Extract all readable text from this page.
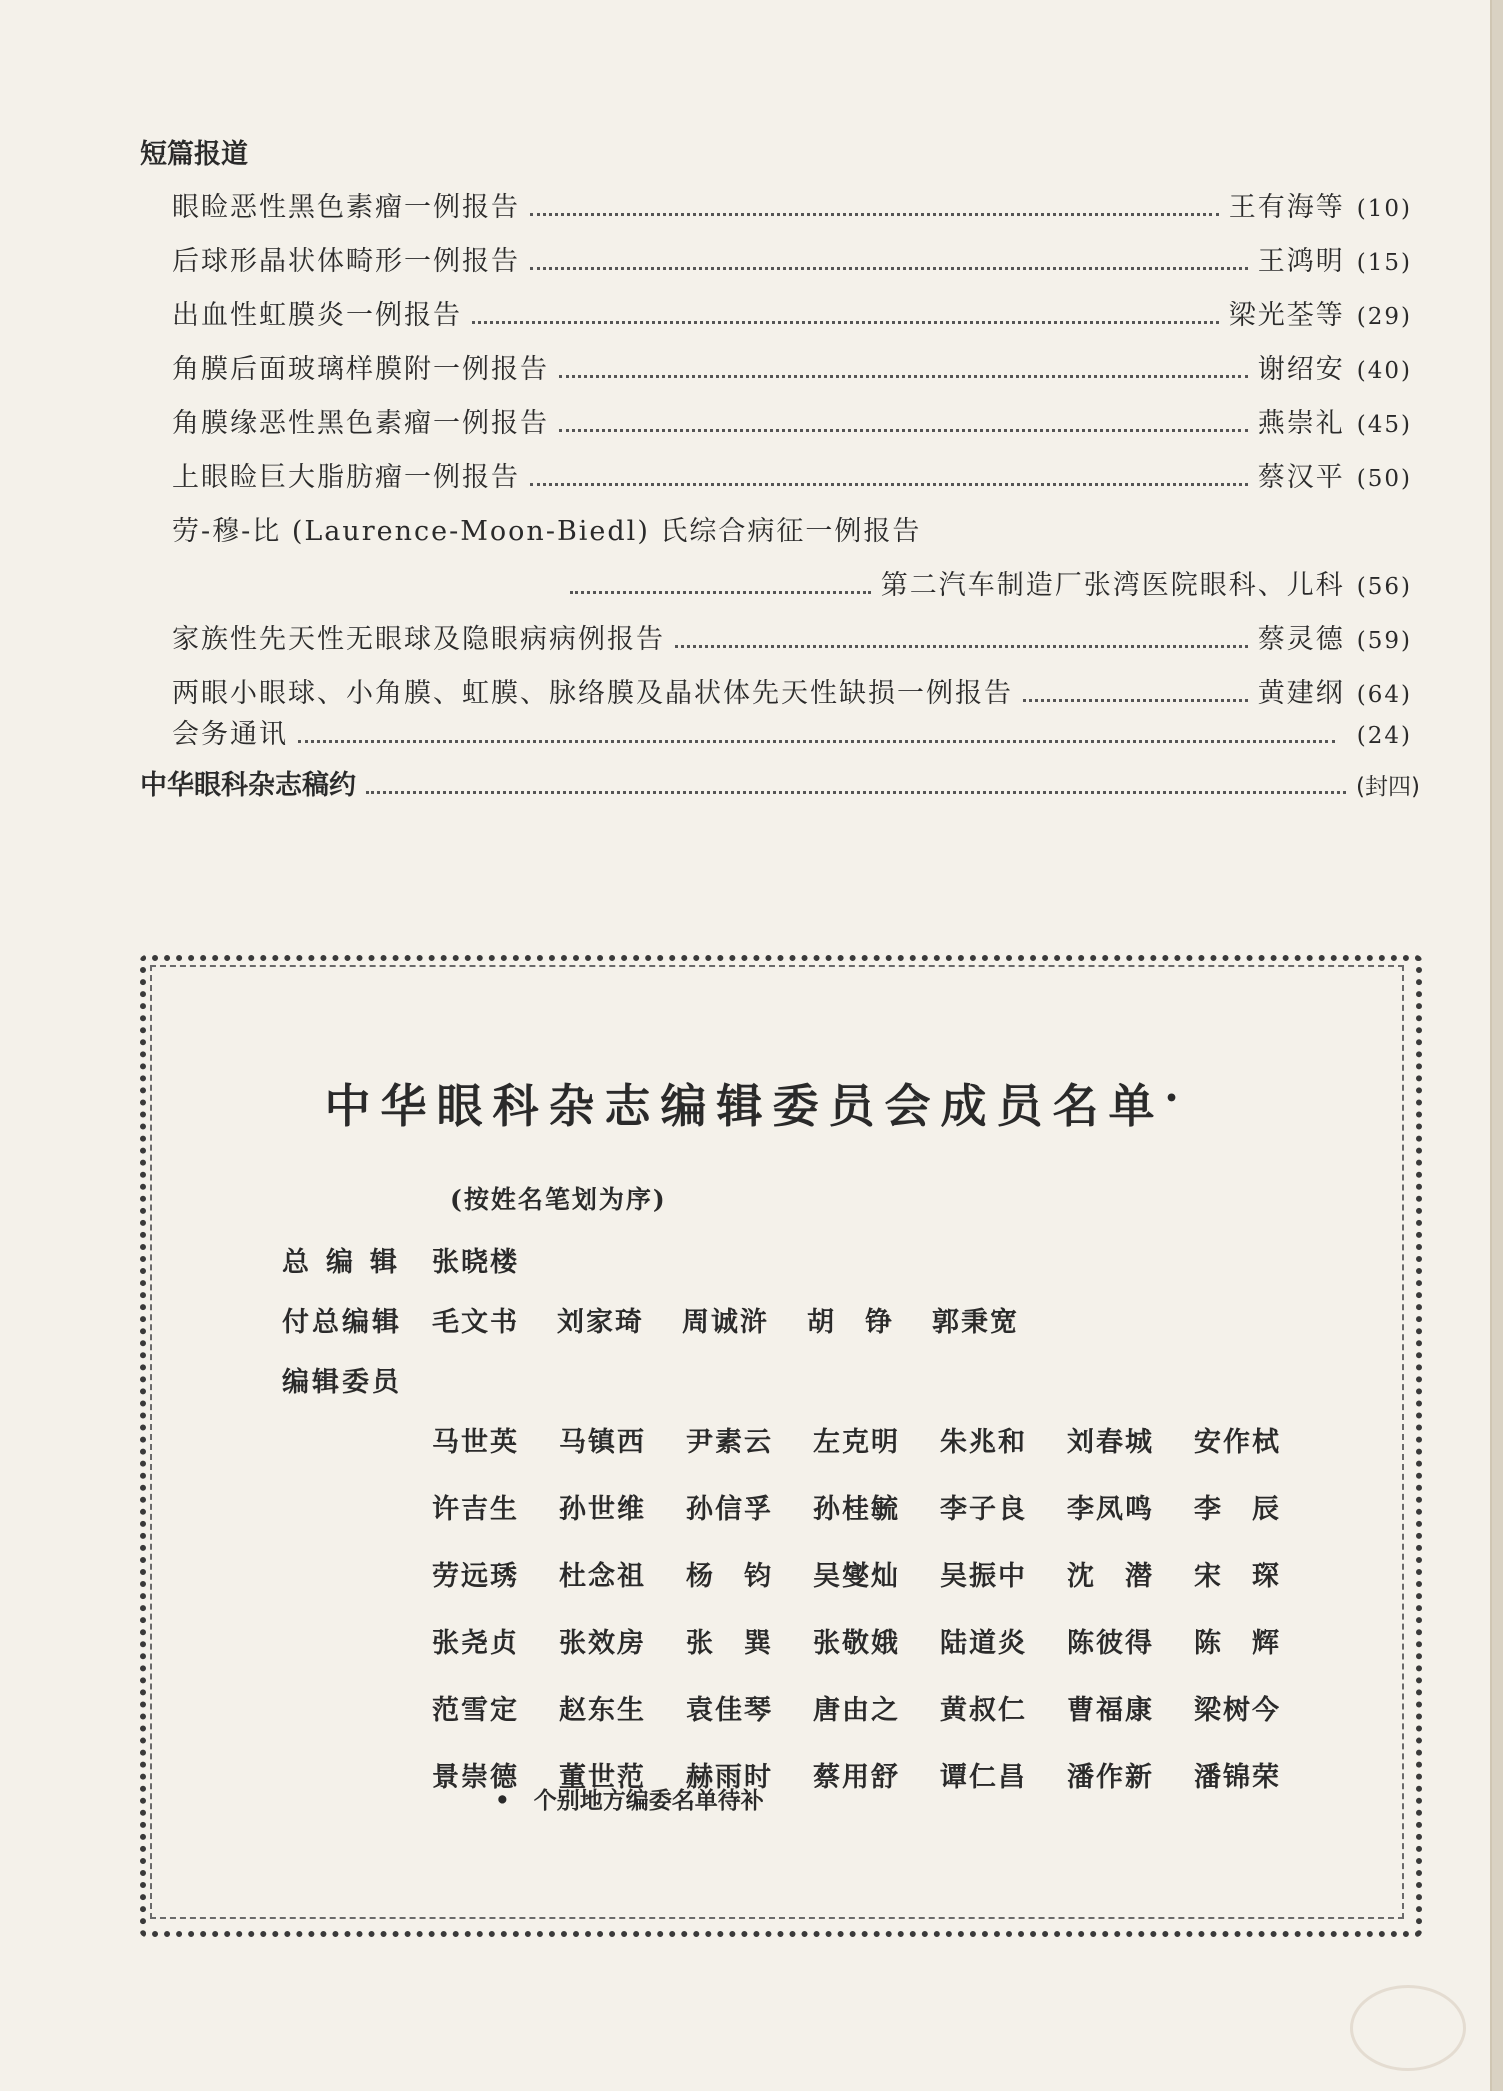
短篇报道
眼睑恶性黑色素瘤一例报告	王有海等 (10)
后球形晶状体畸形一例报告	王鸿明 (15)
出血性虹膜炎一例报告	梁光荃等 (29)
角膜后面玻璃样膜附一例报告	谢绍安 (40)
角膜缘恶性黑色素瘤一例报告	燕崇礼 (45)
上眼睑巨大脂肪瘤一例报告	蔡汉平 (50)
劳-穆-比 (Laurence-Moon-Biedl) 氏综合病征一例报告
第二汽车制造厂张湾医院眼科、儿科 (56)
家族性先天性无眼球及隐眼病病例报告	蔡灵德 (59)
两眼小眼球、小角膜、虹膜、脉络膜及晶状体先天性缺损一例报告	黄建纲 (64)
会务通讯	(24)
中华眼科杂志稿约	(封四)
中华眼科杂志编辑委员会成员名单•
(按姓名笔划为序)
总编辑 张晓楼
付总编辑	毛文书	刘家琦	周诚浒	胡　铮	郭秉宽
编辑委员
马世英	马镇西	尹素云	左克明	朱兆和	刘春城	安作栻
许吉生	孙世维	孙信孚	孙桂毓	李子良	李凤鸣	李　辰
劳远琇	杜念祖	杨　钧	吴燮灿	吴振中	沈　潜	宋　琛
张尧贞	张效房	张　巽	张敬娥	陆道炎	陈彼得	陈　辉
范雪定	赵东生	袁佳琴	唐由之	黄叔仁	曹福康	梁树今
景崇德	董世范	赫雨时	蔡用舒	谭仁昌	潘作新	潘锦荣
• 个别地方编委名单待补
